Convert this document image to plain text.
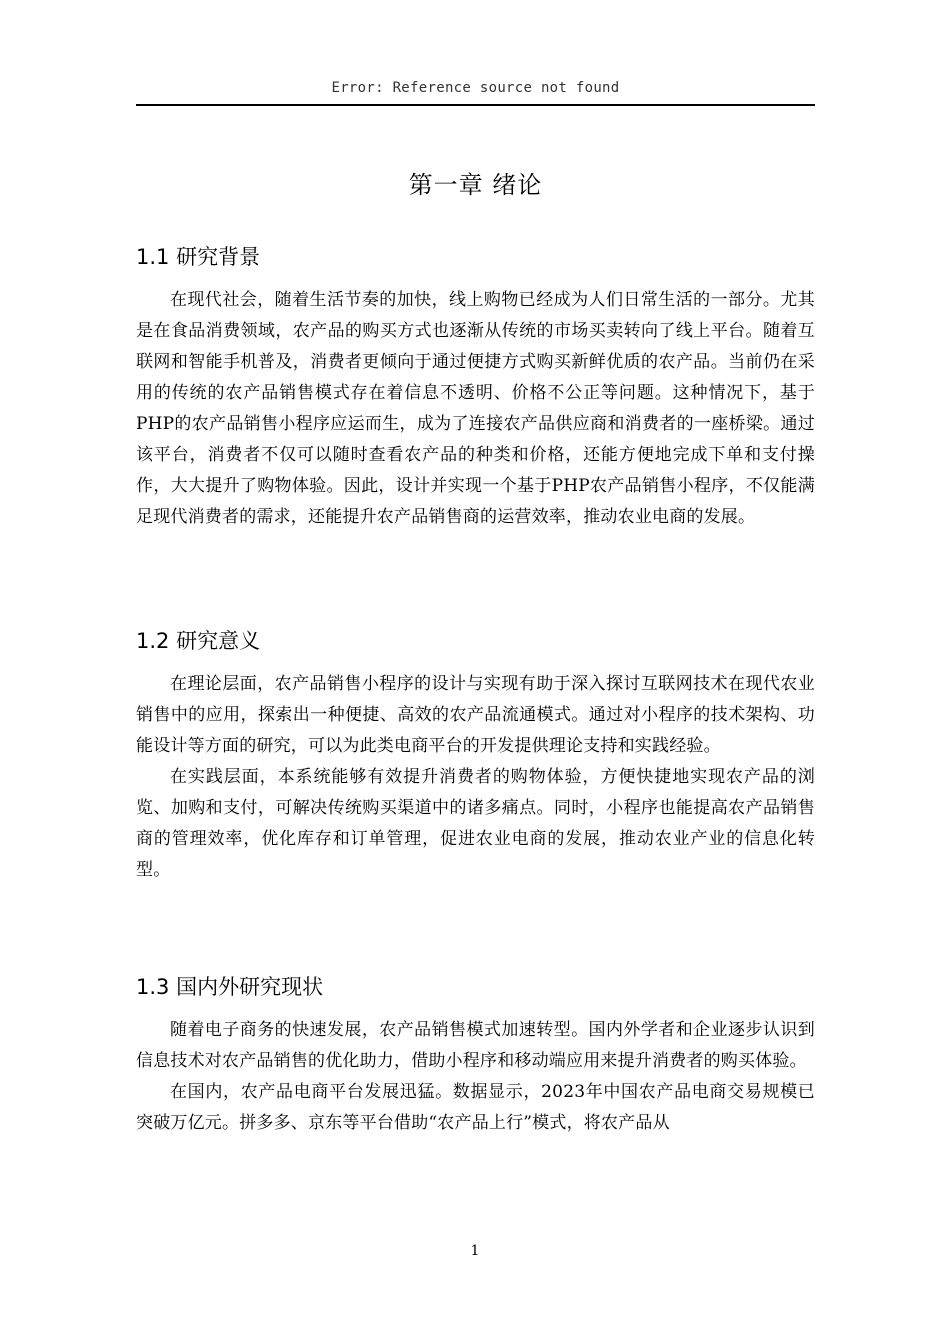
Error: Reference source not found
第一章 绪论
1.1 研究背景

在现代社会，随着生活节奏的加快，线上购物已经成为人们日常生活的一部分。尤其是在食品消费领域，农产品的购买方式也逐渐从传统的市场买卖转向了线上平台。随着互联网和智能手机普及，消费者更倾向于通过便捷方式购买新鲜优质的农产品。当前仍在采用的传统的农产品销售模式存在着信息不透明、价格不公正等问题。这种情况下，基于PHP的农产品销售小程序应运而生，成为了连接农产品供应商和消费者的一座桥梁。通过该平台，消费者不仅可以随时查看农产品的种类和价格，还能方便地完成下单和支付操作，大大提升了购物体验。因此，设计并实现一个基于PHP农产品销售小程序，不仅能满足现代消费者的需求，还能提升农产品销售商的运营效率，推动农业电商的发展。

1.2 研究意义

在理论层面，农产品销售小程序的设计与实现有助于深入探讨互联网技术在现代农业销售中的应用，探索出一种便捷、高效的农产品流通模式。通过对小程序的技术架构、功能设计等方面的研究，可以为此类电商平台的开发提供理论支持和实践经验。

在实践层面，本系统能够有效提升消费者的购物体验，方便快捷地实现农产品的浏览、加购和支付，可解决传统购买渠道中的诸多痛点。同时，小程序也能提高农产品销售商的管理效率，优化库存和订单管理，促进农业电商的发展，推动农业产业的信息化转型。

1.3 国内外研究现状

随着电子商务的快速发展，农产品销售模式加速转型。国内外学者和企业逐步认识到信息技术对农产品销售的优化助力，借助小程序和移动端应用来提升消费者的购买体验。

在国内，农产品电商平台发展迅猛。数据显示，2023年中国农产品电商交易规模已突破万亿元。拼多多、京东等平台借助“农产品上行”模式，将农产品从

1
